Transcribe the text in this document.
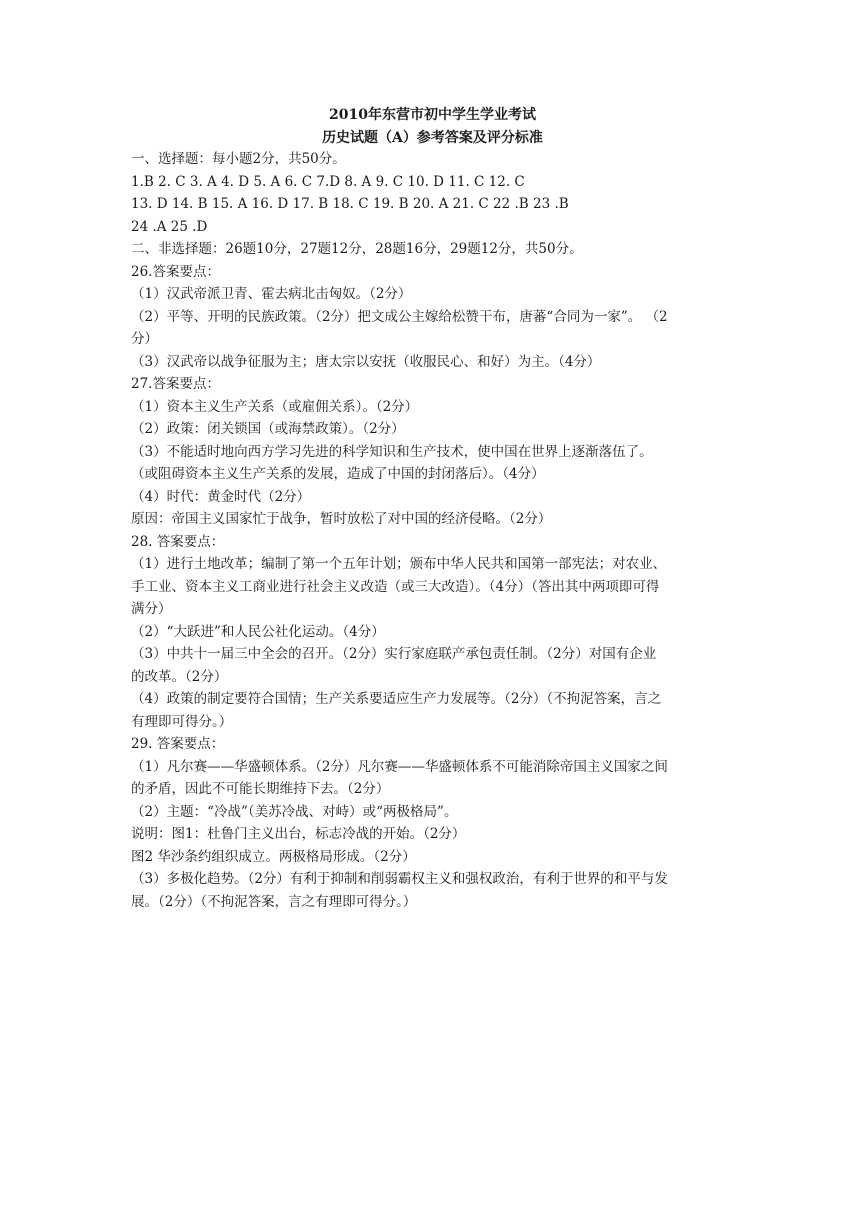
2010年东营市初中学生学业考试
历史试题（A）参考答案及评分标准
一、选择题：每小题2分，共50分。
1.B 2. C 3. A 4. D 5. A 6. C 7.D 8. A 9. C 10. D 11. C 12. C
13. D 14. B 15. A 16. D 17. B 18. C 19. B 20. A 21. C 22 .B 23 .B
24 .A 25 .D
二、非选择题：26题10分，27题12分，28题16分，29题12分，共50分。
26.答案要点：
（1）汉武帝派卫青、霍去病北击匈奴。（2分）
（2）平等、开明的民族政策。（2分）把文成公主嫁给松赞干布，唐蕃“合同为一家”。 （2
分）
（3）汉武帝以战争征服为主；唐太宗以安抚（收服民心、和好）为主。（4分）
27.答案要点：
（1）资本主义生产关系（或雇佣关系）。（2分）
（2）政策：闭关锁国（或海禁政策）。（2分）
（3）不能适时地向西方学习先进的科学知识和生产技术，使中国在世界上逐渐落伍了。
（或阻碍资本主义生产关系的发展，造成了中国的封闭落后）。（4分）
（4）时代：黄金时代（2分）
原因：帝国主义国家忙于战争，暂时放松了对中国的经济侵略。（2分）
28. 答案要点：
（1）进行土地改革；编制了第一个五年计划；颁布中华人民共和国第一部宪法；对农业、
手工业、资本主义工商业进行社会主义改造（或三大改造）。（4分）（答出其中两项即可得
满分）
（2）“大跃进”和人民公社化运动。（4分）
（3）中共十一届三中全会的召开。（2分）实行家庭联产承包责任制。（2分）对国有企业
的改革。（2分）
（4）政策的制定要符合国情；生产关系要适应生产力发展等。（2分）（不拘泥答案，言之
有理即可得分。）
29. 答案要点：
（1）凡尔赛——华盛顿体系。（2分）凡尔赛——华盛顿体系不可能消除帝国主义国家之间
的矛盾，因此不可能长期维持下去。（2分）
（2）主题：“冷战”（美苏冷战、对峙）或“两极格局”。
说明：图1：杜鲁门主义出台，标志冷战的开始。（2分）
图2 华沙条约组织成立。两极格局形成。（2分）
（3）多极化趋势。（2分）有利于抑制和削弱霸权主义和强权政治，有利于世界的和平与发
展。（2分）（不拘泥答案，言之有理即可得分。）
